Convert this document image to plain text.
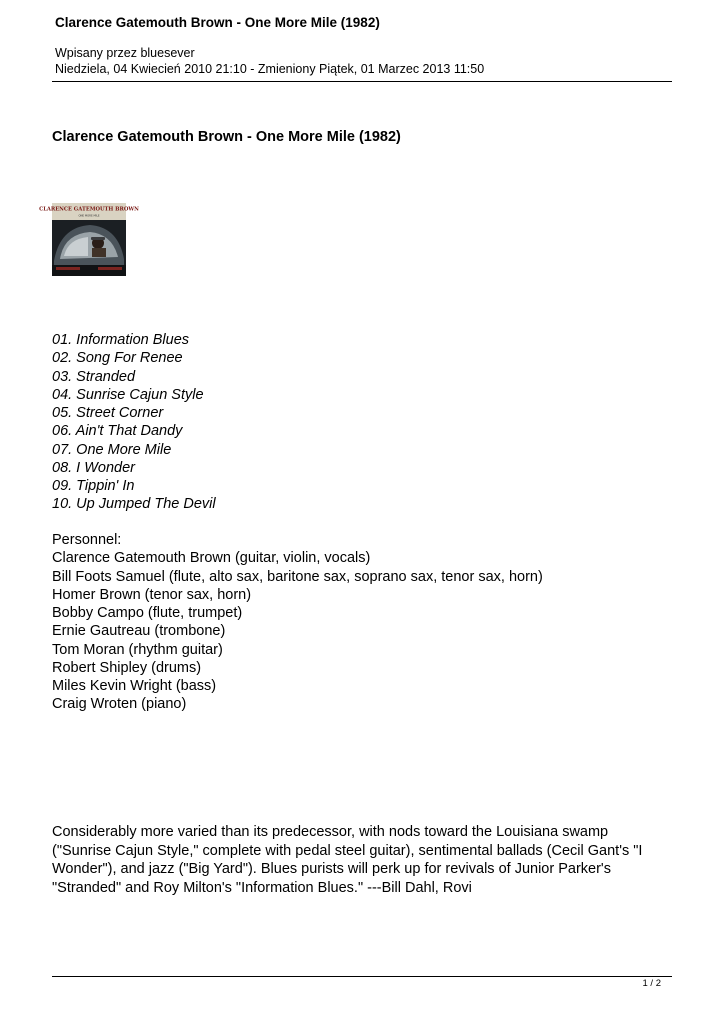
Clarence Gatemouth Brown - One More Mile (1982)
Wpisany przez bluesever
Niedziela, 04 Kwiecień 2010 21:10 - Zmieniony Piątek, 01 Marzec 2013 11:50
Clarence Gatemouth Brown - One More Mile (1982)
CLARENCE GATEMOUTH BROWN
ONE MORE MILE
01. Information Blues
02. Song For Renee
03. Stranded
04. Sunrise Cajun Style
05. Street Corner
06. Ain't That Dandy
07. One More Mile
08. I Wonder
09. Tippin' In
10. Up Jumped The Devil
Personnel:
Clarence Gatemouth Brown (guitar, violin, vocals)
Bill Foots Samuel (flute, alto sax, baritone sax, soprano sax, tenor sax, horn)
Homer Brown (tenor sax, horn)
Bobby Campo (flute, trumpet)
Ernie Gautreau (trombone)
Tom Moran (rhythm guitar)
Robert Shipley (drums)
Miles Kevin Wright (bass)
Craig Wroten (piano)
Considerably more varied than its predecessor, with nods toward the Louisiana swamp ("Sunrise Cajun Style," complete with pedal steel guitar), sentimental ballads (Cecil Gant's "I Wonder"), and jazz ("Big Yard"). Blues purists will perk up for revivals of Junior Parker's "Stranded" and Roy Milton's "Information Blues." ---Bill Dahl, Rovi
1 / 2
